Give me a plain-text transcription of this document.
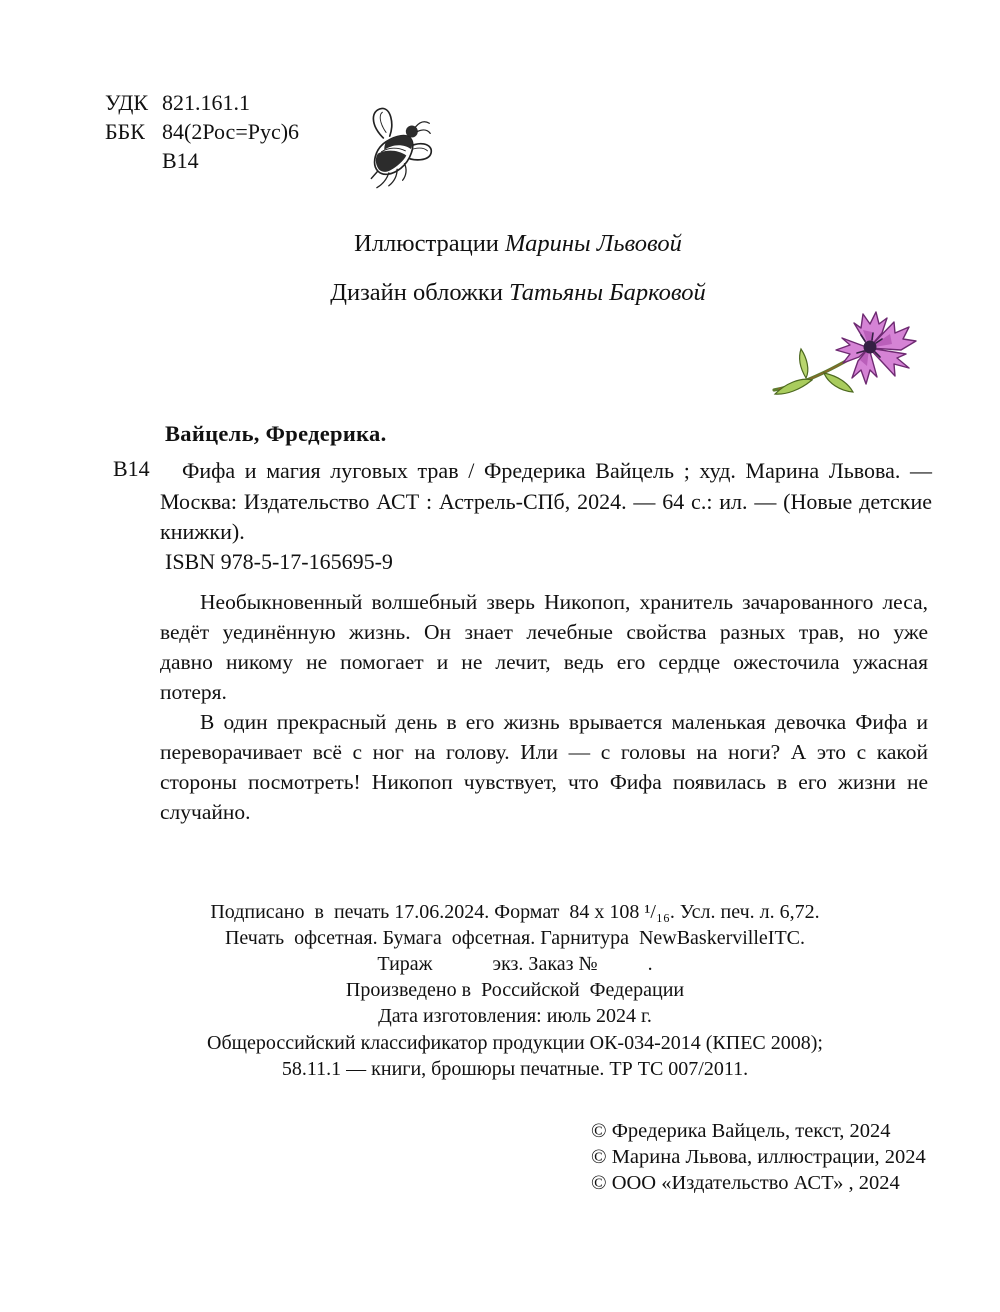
УДК 821.161.1
ББК 84(2Рос=Рус)6
В14
Иллюстрации Марины Львовой
Дизайн обложки Татьяны Барковой
Вайцель, Фредерика.
В14	Фифа и магия луговых трав / Фредерика Вайцель ; худ. Марина Львова. — Москва: Издательство АСТ : Астрель-СПб, 2024. — 64 с.: ил. — (Новые детские книжки).
ISBN 978-5-17-165695-9

Необыкновенный волшебный зверь Никопоп, хранитель зачарованного леса, ведёт уединённую жизнь. Он знает лечебные свойства разных трав, но уже давно никому не помогает и не лечит, ведь его сердце ожесточила ужасная потеря.

В один прекрасный день в его жизнь врывается маленькая девочка Фифа и переворачивает всё с ног на голову. Или — с головы на ноги? А это с какой стороны посмотреть! Никопоп чувствует, что Фифа появилась в его жизни не случайно.

Подписано  в  печать 17.06.2024. Формат  84 х 108 ¹/₁₆. Усл. печ. л. 6,72.
Печать  офсетная. Бумага  офсетная. Гарнитура  NewBaskervilleITC.
Тираж            экз. Заказ №          .
Произведено в  Российской  Федерации
Дата изготовления: июль 2024 г.
Общероссийский классификатор продукции ОК-034-2014 (КПЕС 2008);
58.11.1 — книги, брошюры печатные. ТР ТС 007/2011.
© Фредерика Вайцель, текст, 2024
© Марина Львова, иллюстрации, 2024
© ООО «Издательство АСТ» , 2024
